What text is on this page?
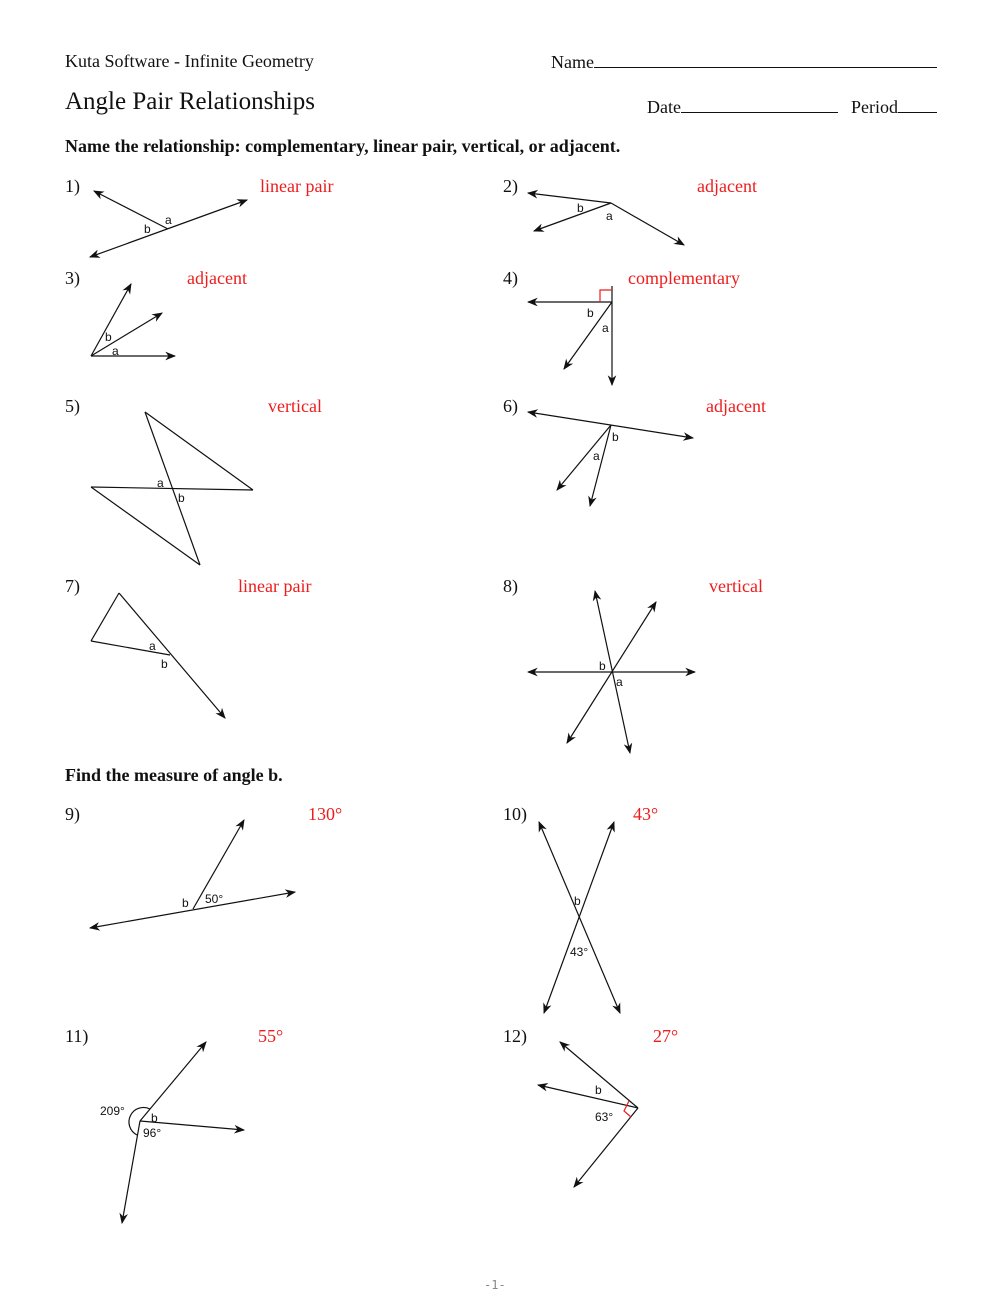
Kuta Software - Infinite Geometry	Name
Angle Pair Relationships	Date	Period
Name the relationship: complementary, linear pair, vertical, or adjacent.
Find the measure of angle b.
1)	linear pair	2)	adjacent
3)	adjacent	4)	complementary
5)	vertical	6)	adjacent
7)	linear pair	8)	vertical
9)	130°	10)	43°
11)	55°	12)	27°
a
b
b
a
b
a
b
a
a
b
b
a
a
b	b
a
b 50°	b
43°
209° b
96°
b
63°
-1-
